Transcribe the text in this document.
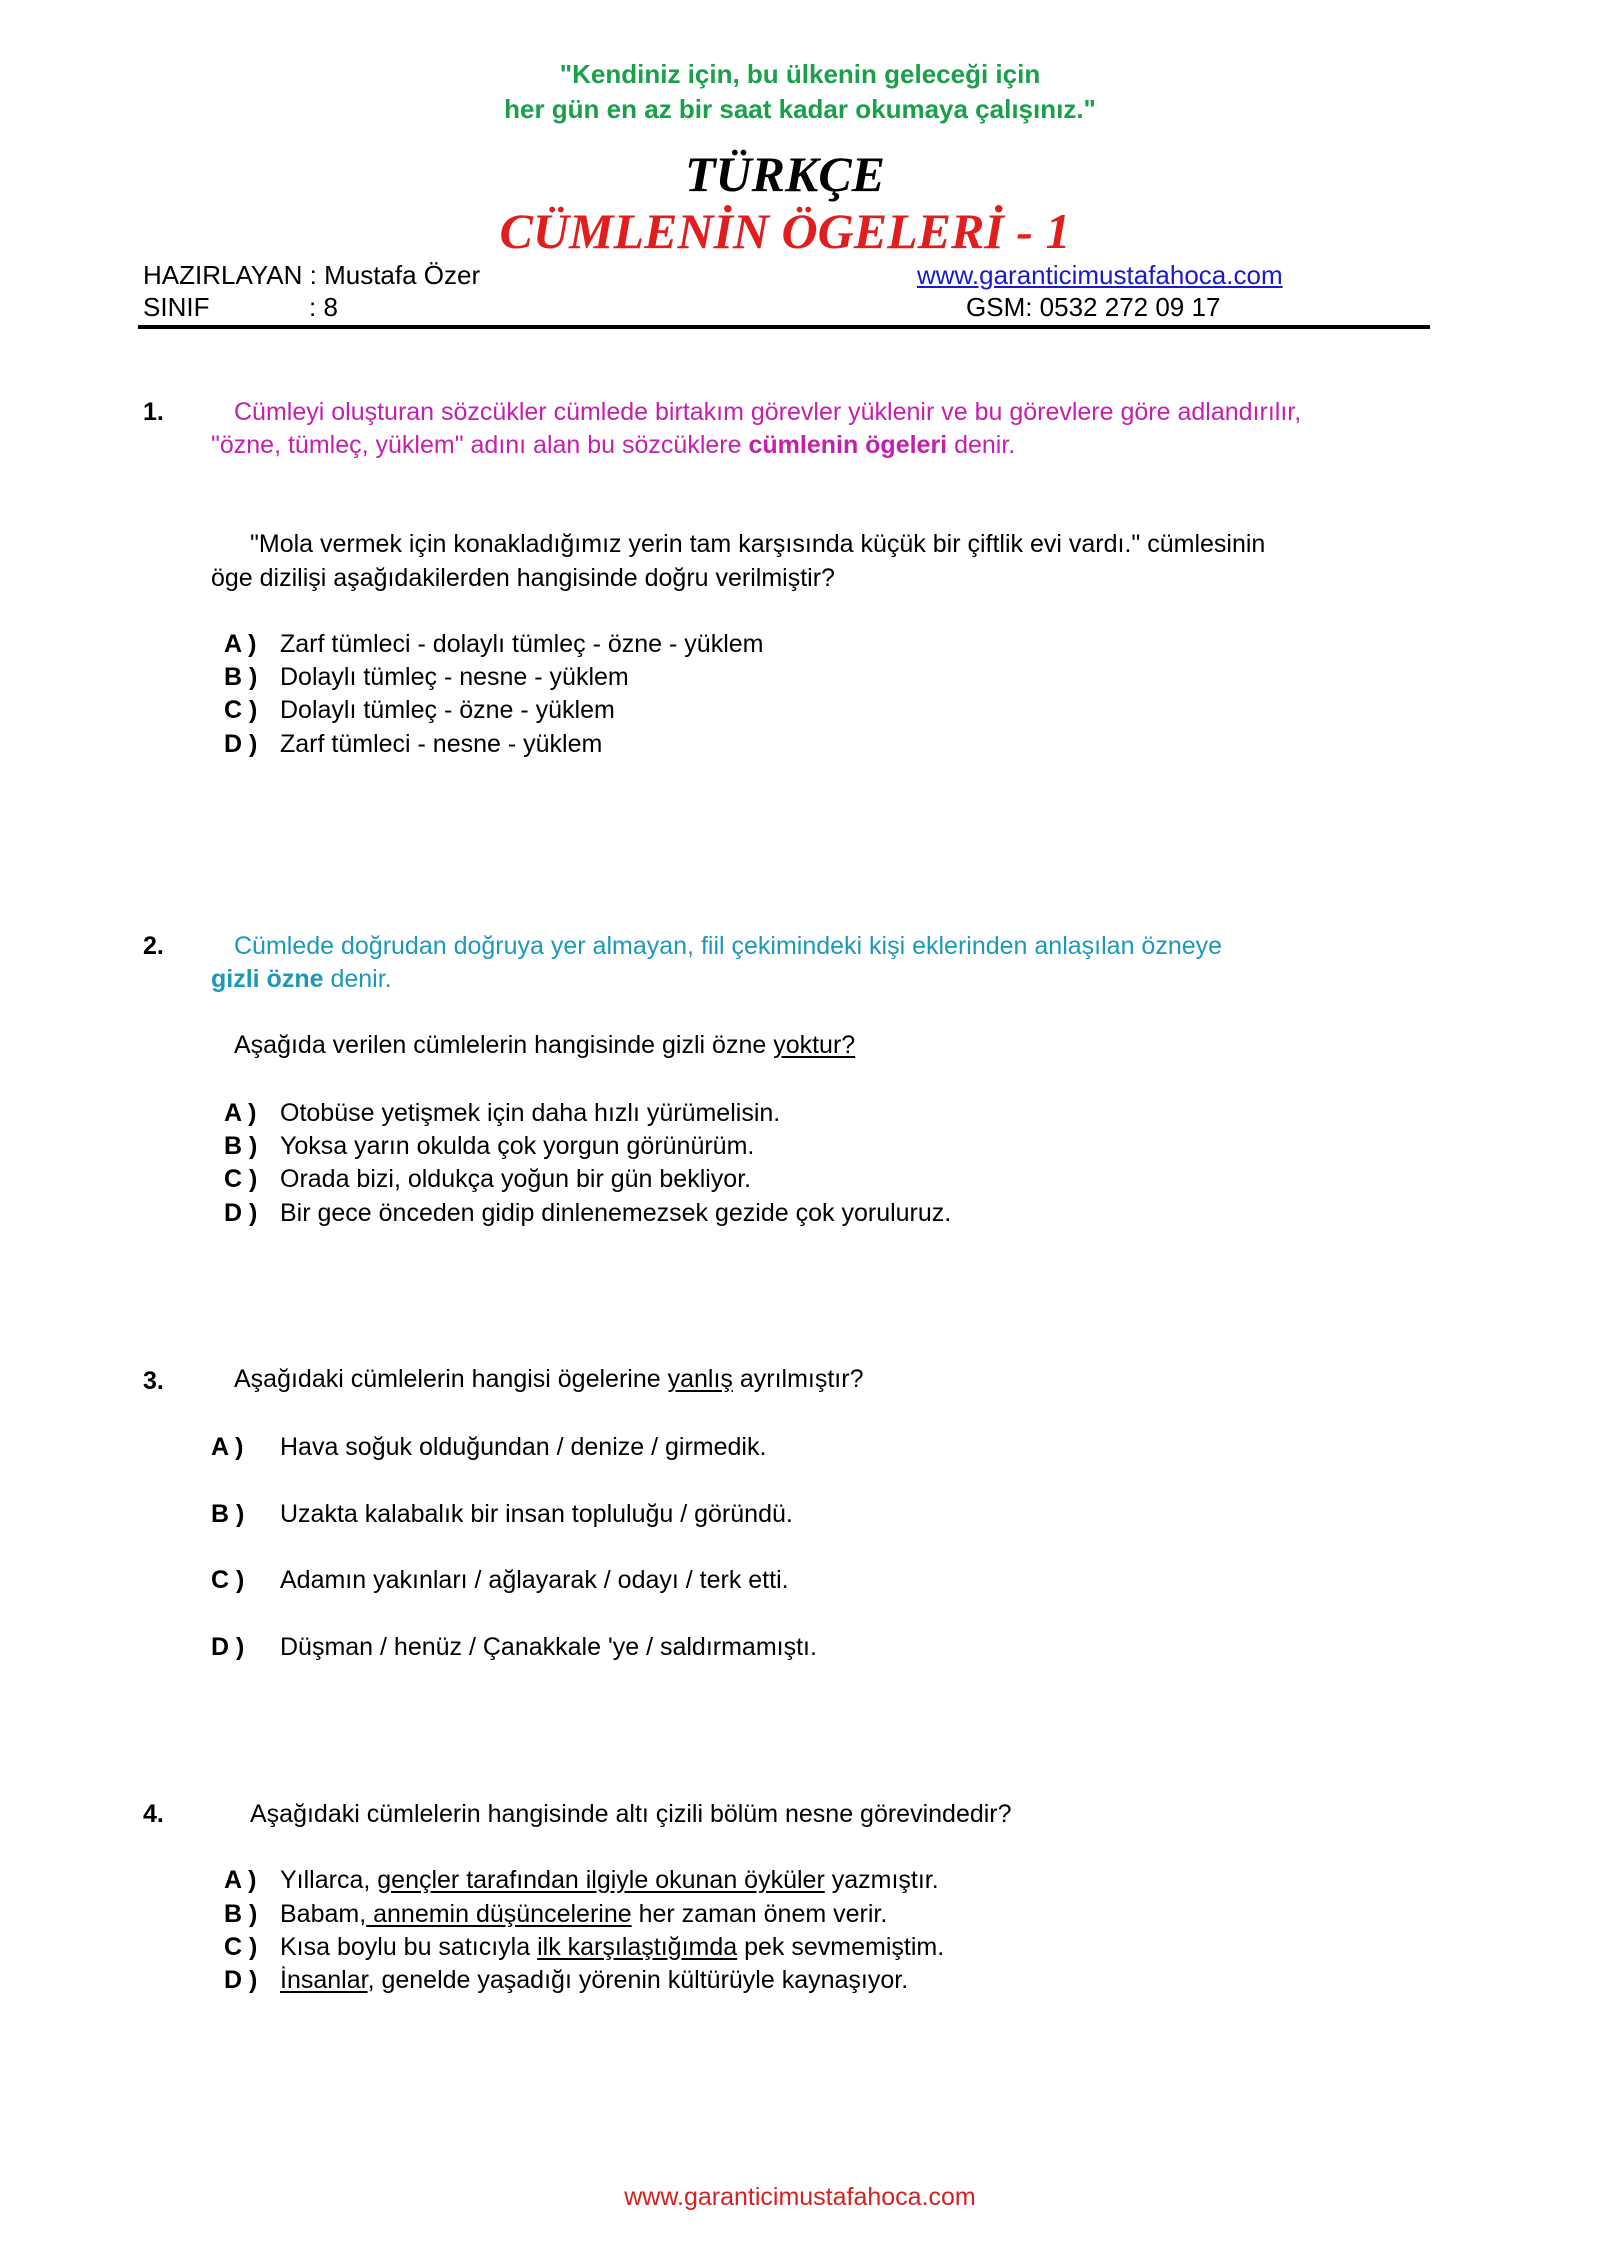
"Kendiniz için, bu ülkenin geleceği için
her gün en az bir saat kadar okumaya çalışınız."
TÜRKÇE
CÜMLENİN ÖGELERİ - 1
HAZIRLAYAN : Mustafa Özer	www.garanticimustafahoca.com
SINIF	: 8	GSM: 0532 272 09 17
1.	Cümleyi oluşturan sözcükler cümlede birtakım görevler yüklenir ve bu görevlere göre adlandırılır,
"özne, tümleç, yüklem" adını alan bu sözcüklere cümlenin ögeleri denir.
"Mola vermek için konakladığımız yerin tam karşısında küçük bir çiftlik evi vardı." cümlesinin
öge dizilişi aşağıdakilerden hangisinde doğru verilmiştir?
A ) Zarf tümleci - dolaylı tümleç - özne - yüklem
B ) Dolaylı tümleç - nesne - yüklem
C ) Dolaylı tümleç - özne - yüklem
D ) Zarf tümleci - nesne - yüklem
2.	Cümlede doğrudan doğruya yer almayan, fiil çekimindeki kişi eklerinden anlaşılan özneye
gizli özne denir.
Aşağıda verilen cümlelerin hangisinde gizli özne yoktur?
A ) Otobüse yetişmek için daha hızlı yürümelisin.
B ) Yoksa yarın okulda çok yorgun görünürüm.
C ) Orada bizi, oldukça yoğun bir gün bekliyor.
D ) Bir gece önceden gidip dinlenemezsek gezide çok yoruluruz.
3.	Aşağıdaki cümlelerin hangisi ögelerine yanlış ayrılmıştır?
A ) Hava soğuk olduğundan / denize / girmedik.
B ) Uzakta kalabalık bir insan topluluğu / göründü.
C ) Adamın yakınları / ağlayarak / odayı / terk etti.
D ) Düşman / henüz / Çanakkale 'ye / saldırmamıştı.
4.	Aşağıdaki cümlelerin hangisinde altı çizili bölüm nesne görevindedir?
A ) Yıllarca, gençler tarafından ilgiyle okunan öyküler yazmıştır.
B ) Babam, annemin düşüncelerine her zaman önem verir.
C ) Kısa boylu bu satıcıyla ilk karşılaştığımda pek sevmemiştim.
D ) İnsanlar, genelde yaşadığı yörenin kültürüyle kaynaşıyor.
www.garanticimustafahoca.com
